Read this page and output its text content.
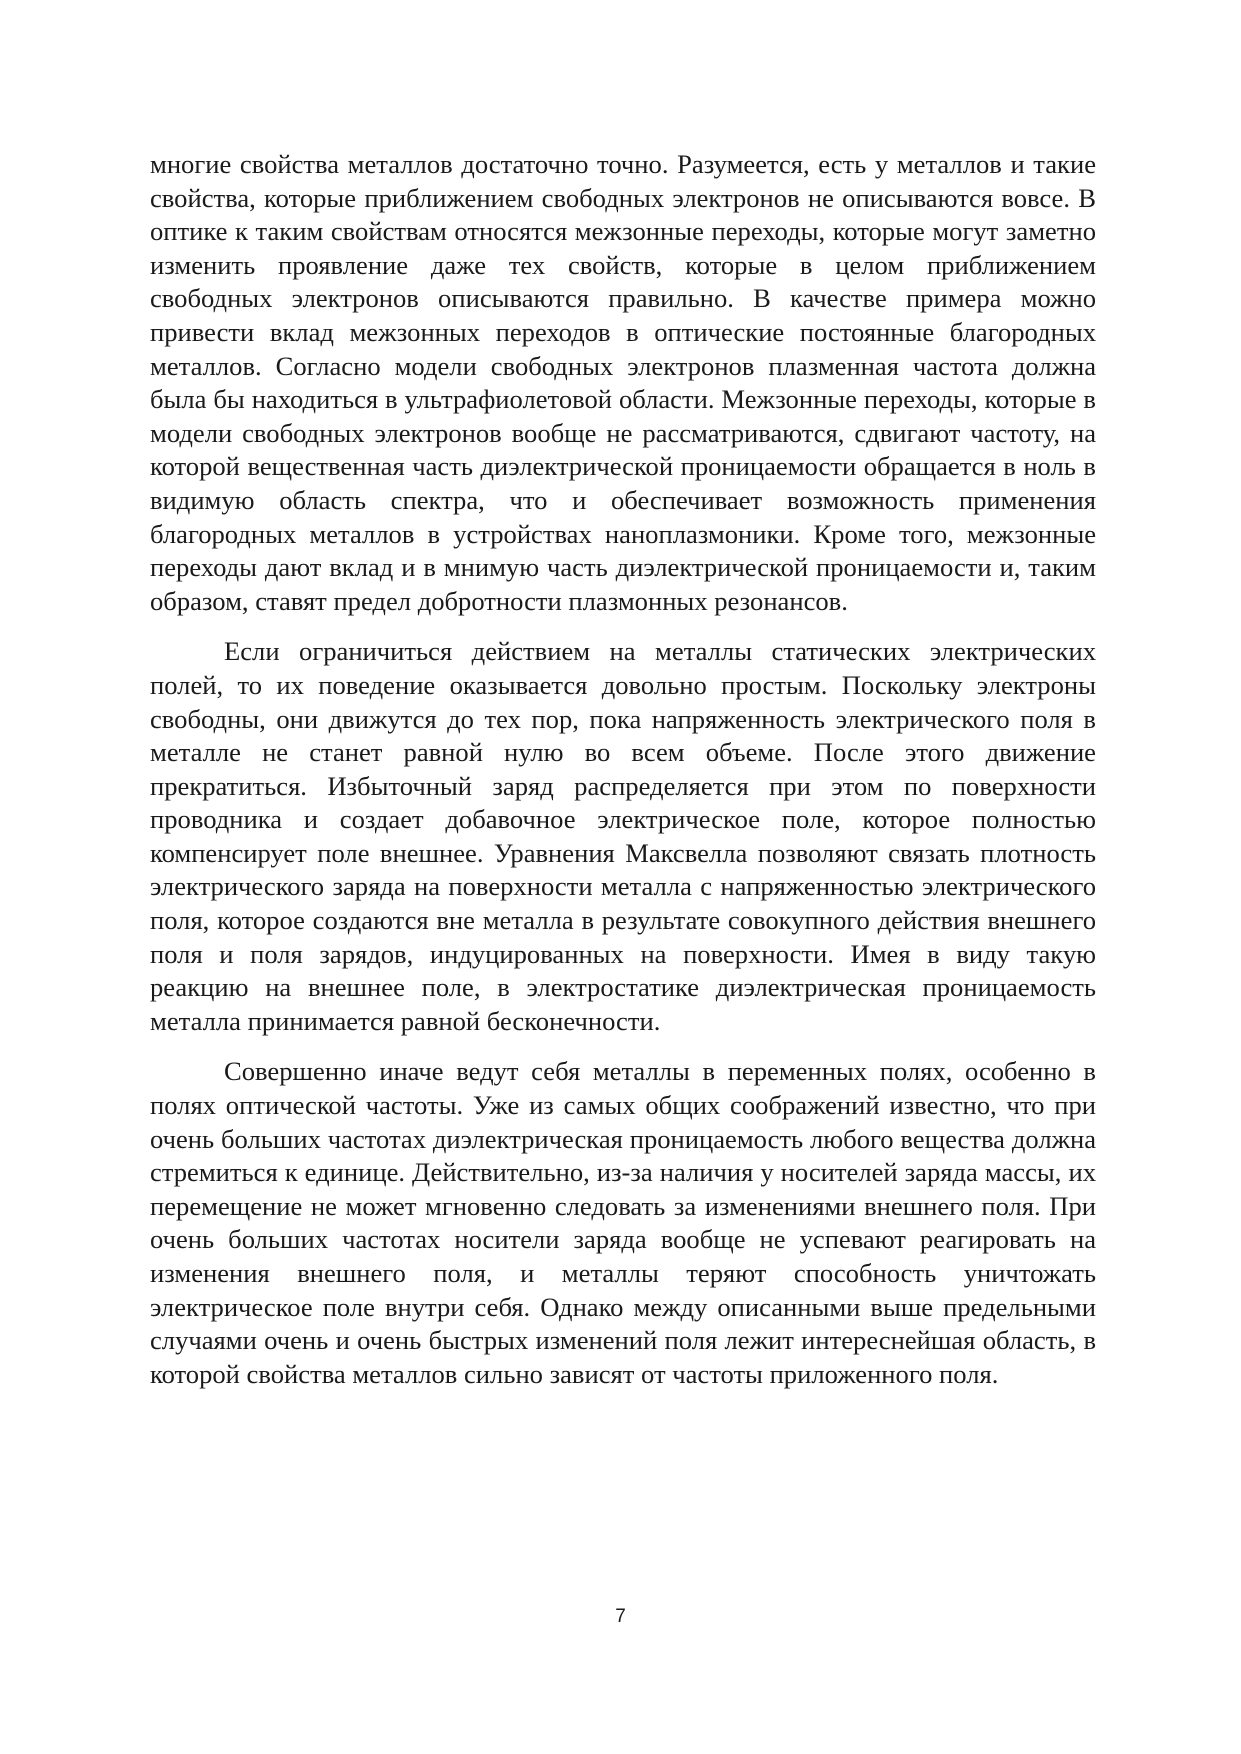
многие свойства металлов достаточно точно. Разумеется, есть у металлов и такие свойства, которые приближением свободных электронов не описываются вовсе. В оптике к таким свойствам относятся межзонные переходы, которые могут заметно изменить проявление даже тех свойств, которые в целом приближением свободных электронов описываются правильно. В качестве примера можно привести вклад межзонных переходов в оптические постоянные благородных металлов. Согласно модели свободных электронов плазменная частота должна была бы находиться в ультрафиолетовой области. Межзонные переходы, которые в модели свободных электронов вообще не рассматриваются, сдвигают частоту, на которой вещественная часть диэлектрической проницаемости обращается в ноль в видимую область спектра, что и обеспечивает возможность применения благородных металлов в устройствах наноплазмоники. Кроме того, межзонные переходы дают вклад и в мнимую часть диэлектрической проницаемости и, таким образом, ставят предел добротности плазмонных резонансов.

Если ограничиться действием на металлы статических электрических полей, то их поведение оказывается довольно простым. Поскольку электроны свободны, они движутся до тех пор, пока напряженность электрического поля в металле не станет равной нулю во всем объеме. После этого движение прекратиться. Избыточный заряд распределяется при этом по поверхности проводника и создает добавочное электрическое поле, которое полностью компенсирует поле внешнее. Уравнения Максвелла позволяют связать плотность электрического заряда на поверхности металла с напряженностью электрического поля, которое создаются вне металла в результате совокупного действия внешнего поля и поля зарядов, индуцированных на поверхности. Имея в виду такую реакцию на внешнее поле, в электростатике диэлектрическая проницаемость металла принимается равной бесконечности.

Совершенно иначе ведут себя металлы в переменных полях, особенно в полях оптической частоты. Уже из самых общих соображений известно, что при очень больших частотах диэлектрическая проницаемость любого вещества должна стремиться к единице. Действительно, из-за наличия у носителей заряда массы, их перемещение не может мгновенно следовать за изменениями внешнего поля. При очень больших частотах носители заряда вообще не успевают реагировать на изменения внешнего поля, и металлы теряют способность уничтожать электрическое поле внутри себя. Однако между описанными выше предельными случаями очень и очень быстрых изменений поля лежит интереснейшая область, в которой свойства металлов сильно зависят от частоты приложенного поля.

7
